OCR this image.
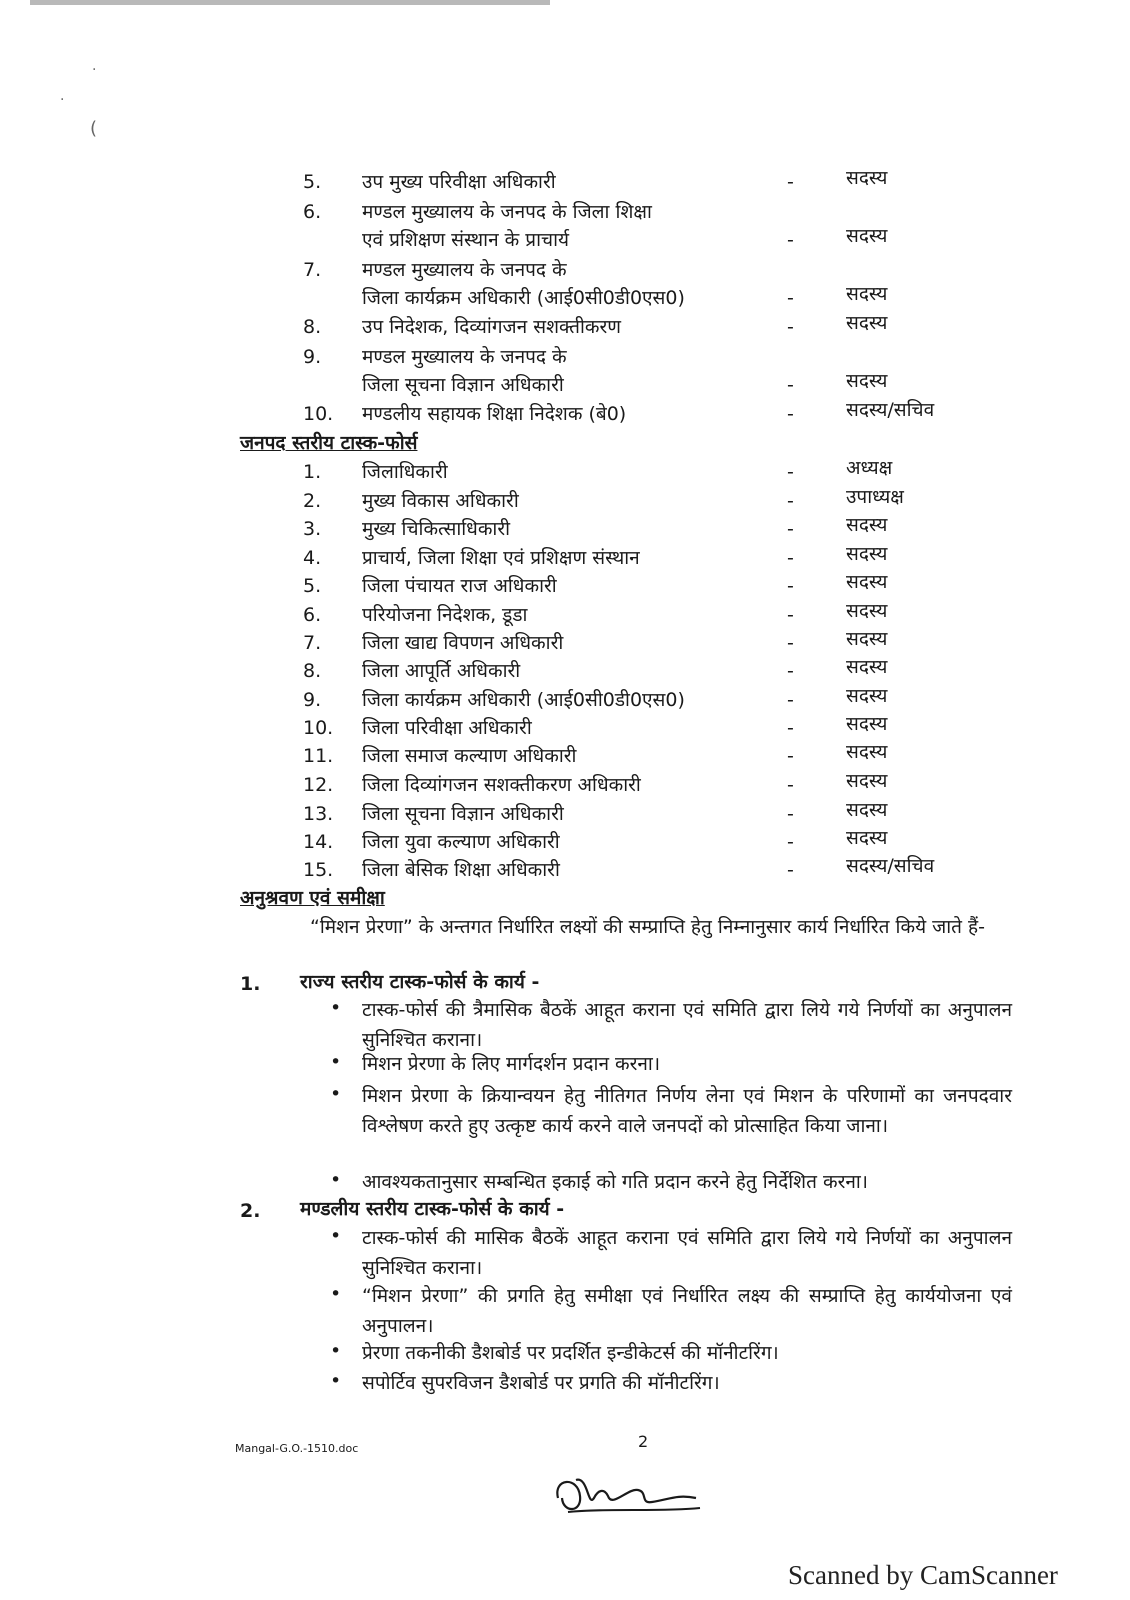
·
·
(
5.	उप मुख्य परिवीक्षा अधिकारी	-	सदस्य
6.	मण्डल मुख्यालय के जनपद के जिला शिक्षा
एवं प्रशिक्षण संस्थान के प्राचार्य	-	सदस्य
7.	मण्डल मुख्यालय के जनपद के
जिला कार्यक्रम अधिकारी (आई0सी0डी0एस0)	-	सदस्य
8.	उप निदेशक, दिव्यांगजन सशक्तीकरण	-	सदस्य
9.	मण्डल मुख्यालय के जनपद के
जिला सूचना विज्ञान अधिकारी	-	सदस्य
10.	मण्डलीय सहायक शिक्षा निदेशक (बे0)	-	सदस्य/सचिव
जनपद स्तरीय टास्क-फोर्स
1.	जिलाधिकारी	-	अध्यक्ष
2.	मुख्य विकास अधिकारी	-	उपाध्यक्ष
3.	मुख्य चिकित्साधिकारी	-	सदस्य
4.	प्राचार्य, जिला शिक्षा एवं प्रशिक्षण संस्थान	-	सदस्य
5.	जिला पंचायत राज अधिकारी	-	सदस्य
6.	परियोजना निदेशक, डूडा	-	सदस्य
7.	जिला खाद्य विपणन अधिकारी	-	सदस्य
8.	जिला आपूर्ति अधिकारी	-	सदस्य
9.	जिला कार्यक्रम अधिकारी (आई0सी0डी0एस0)	-	सदस्य
10.	जिला परिवीक्षा अधिकारी	-	सदस्य
11.	जिला समाज कल्याण अधिकारी	-	सदस्य
12.	जिला दिव्यांगजन सशक्तीकरण अधिकारी	-	सदस्य
13.	जिला सूचना विज्ञान अधिकारी	-	सदस्य
14.	जिला युवा कल्याण अधिकारी	-	सदस्य
15.	जिला बेसिक शिक्षा अधिकारी	-	सदस्य/सचिव
अनुश्रवण एवं समीक्षा
“मिशन प्रेरणा” के अन्तगत निर्धारित लक्ष्यों की सम्प्राप्ति हेतु निम्नानुसार कार्य निर्धारित किये जाते हैं-
1. राज्य स्तरीय टास्क-फोर्स के कार्य -
• टास्क-फोर्स की त्रैमासिक बैठकें आहूत कराना एवं समिति द्वारा लिये गये निर्णयों का अनुपालन सुनिश्चित कराना।
• मिशन प्रेरणा के लिए मार्गदर्शन प्रदान करना।
• मिशन प्रेरणा के क्रियान्वयन हेतु नीतिगत निर्णय लेना एवं मिशन के परिणामों का जनपदवार विश्लेषण करते हुए उत्कृष्ट कार्य करने वाले जनपदों को प्रोत्साहित किया जाना।
• आवश्यकतानुसार सम्बन्धित इकाई को गति प्रदान करने हेतु निर्देशित करना।
2. मण्डलीय स्तरीय टास्क-फोर्स के कार्य -
• टास्क-फोर्स की मासिक बैठकें आहूत कराना एवं समिति द्वारा लिये गये निर्णयों का अनुपालन सुनिश्चित कराना।
• “मिशन प्रेरणा” की प्रगति हेतु समीक्षा एवं निर्धारित लक्ष्य की सम्प्राप्ति हेतु कार्ययोजना एवं अनुपालन।
• प्रेरणा तकनीकी डैशबोर्ड पर प्रदर्शित इन्डीकेटर्स की मॉनीटरिंग।
• सपोर्टिव सुपरविजन डैशबोर्ड पर प्रगति की मॉनीटरिंग।
Mangal-G.O.-1510.doc	2
Scanned by CamScanner
